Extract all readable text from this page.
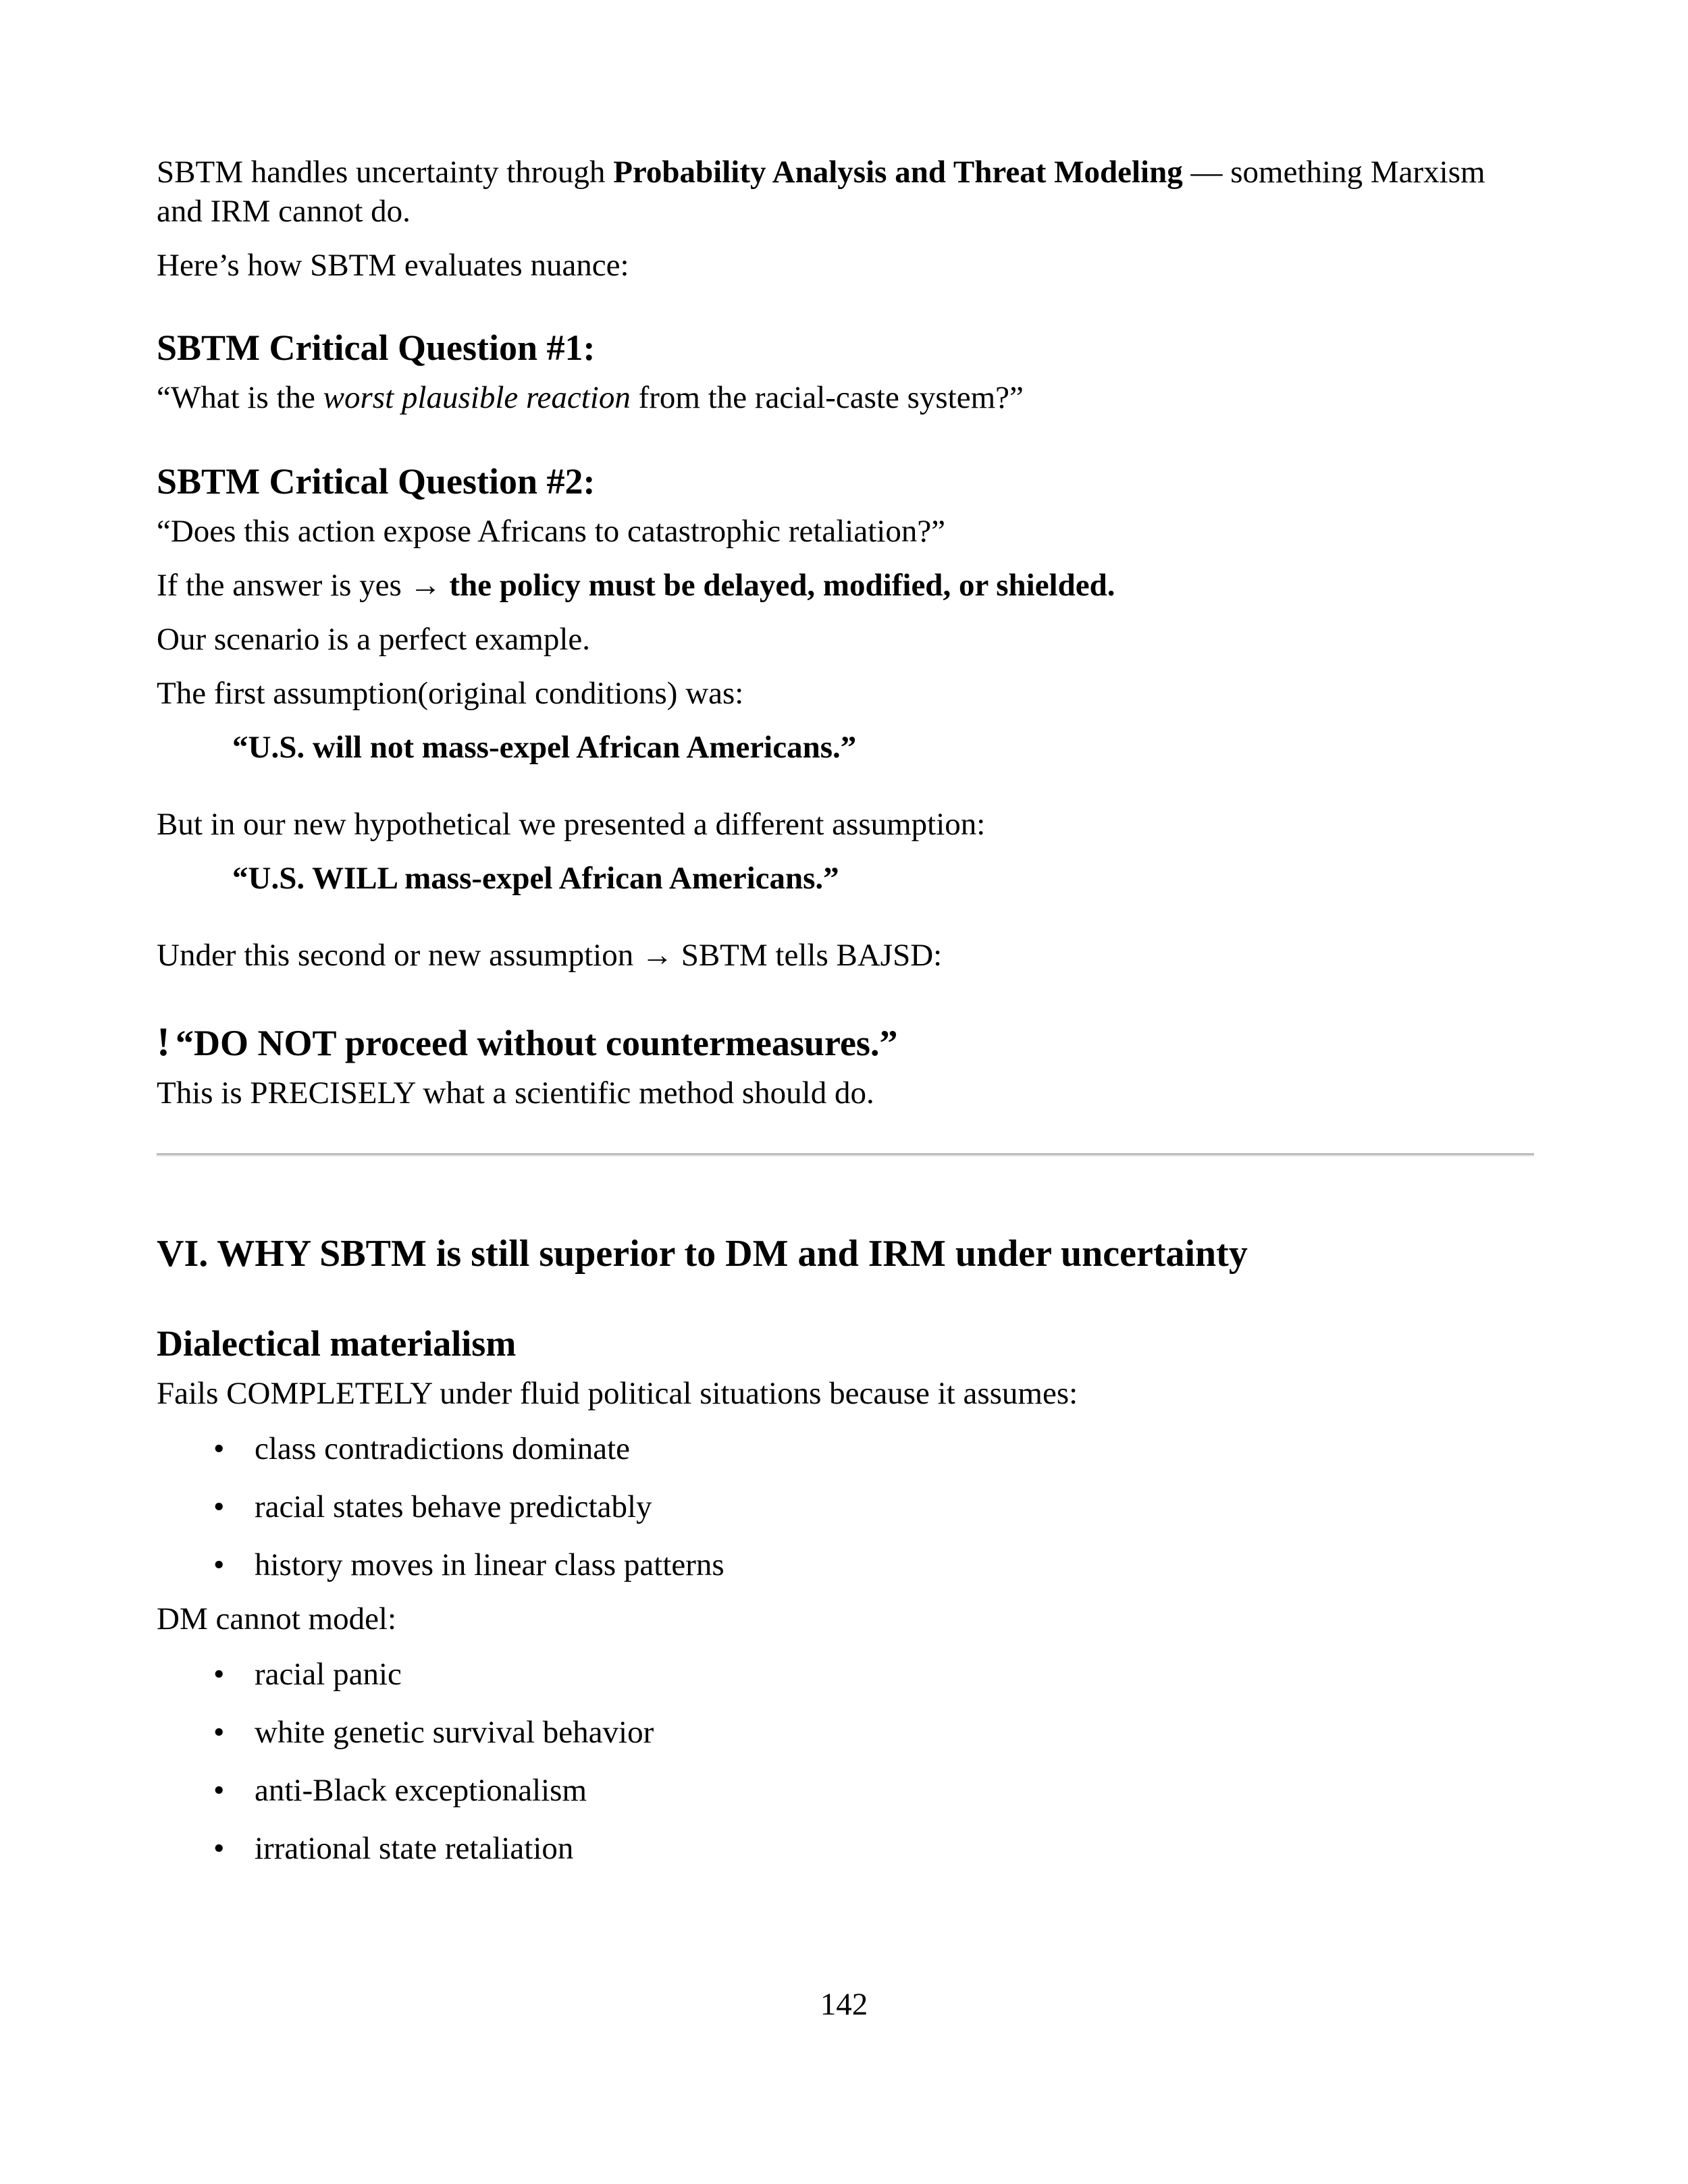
SBTM handles uncertainty through Probability Analysis and Threat Modeling — something Marxism and IRM cannot do.

Here’s how SBTM evaluates nuance:

SBTM Critical Question #1:

“What is the worst plausible reaction from the racial-caste system?”

SBTM Critical Question #2:

“Does this action expose Africans to catastrophic retaliation?”

If the answer is yes → the policy must be delayed, modified, or shielded.

Our scenario is a perfect example.

The first assumption(original conditions) was:

“U.S. will not mass-expel African Americans.”

But in our new hypothetical we presented a different assumption:

“U.S. WILL mass-expel African Americans.”

Under this second or new assumption → SBTM tells BAJSD:

! “DO NOT proceed without countermeasures.”

This is PRECISELY what a scientific method should do.

VI. WHY SBTM is still superior to DM and IRM under uncertainty
Dialectical materialism

Fails COMPLETELY under fluid political situations because it assumes:

• class contradictions dominate
• racial states behave predictably
• history moves in linear class patterns

DM cannot model:

• racial panic
• white genetic survival behavior
• anti-Black exceptionalism
• irrational state retaliation
142
